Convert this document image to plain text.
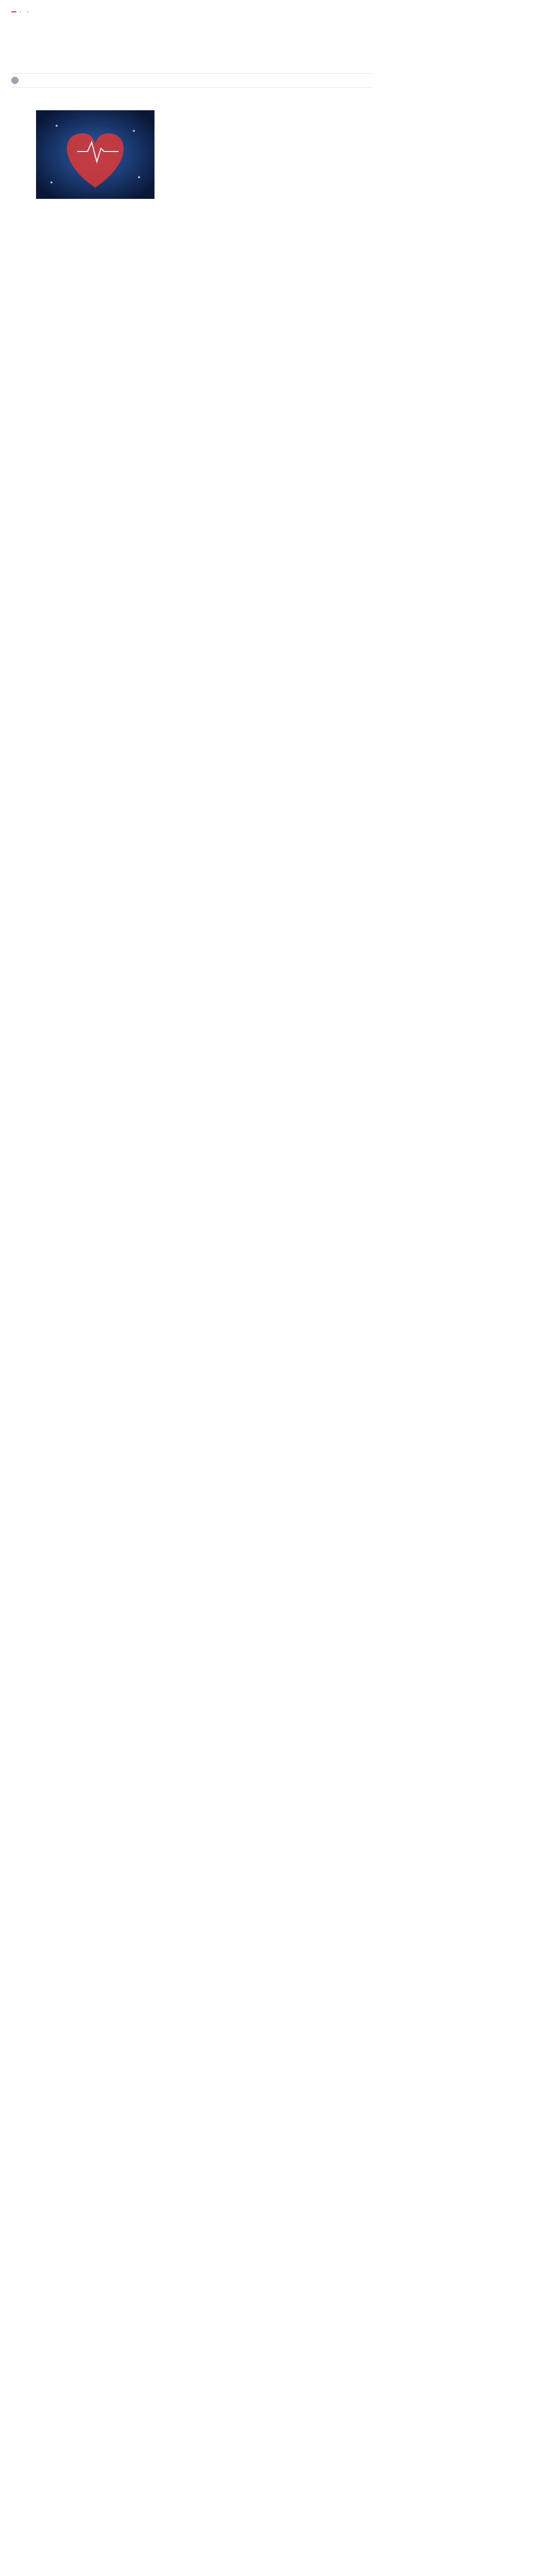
› ›
